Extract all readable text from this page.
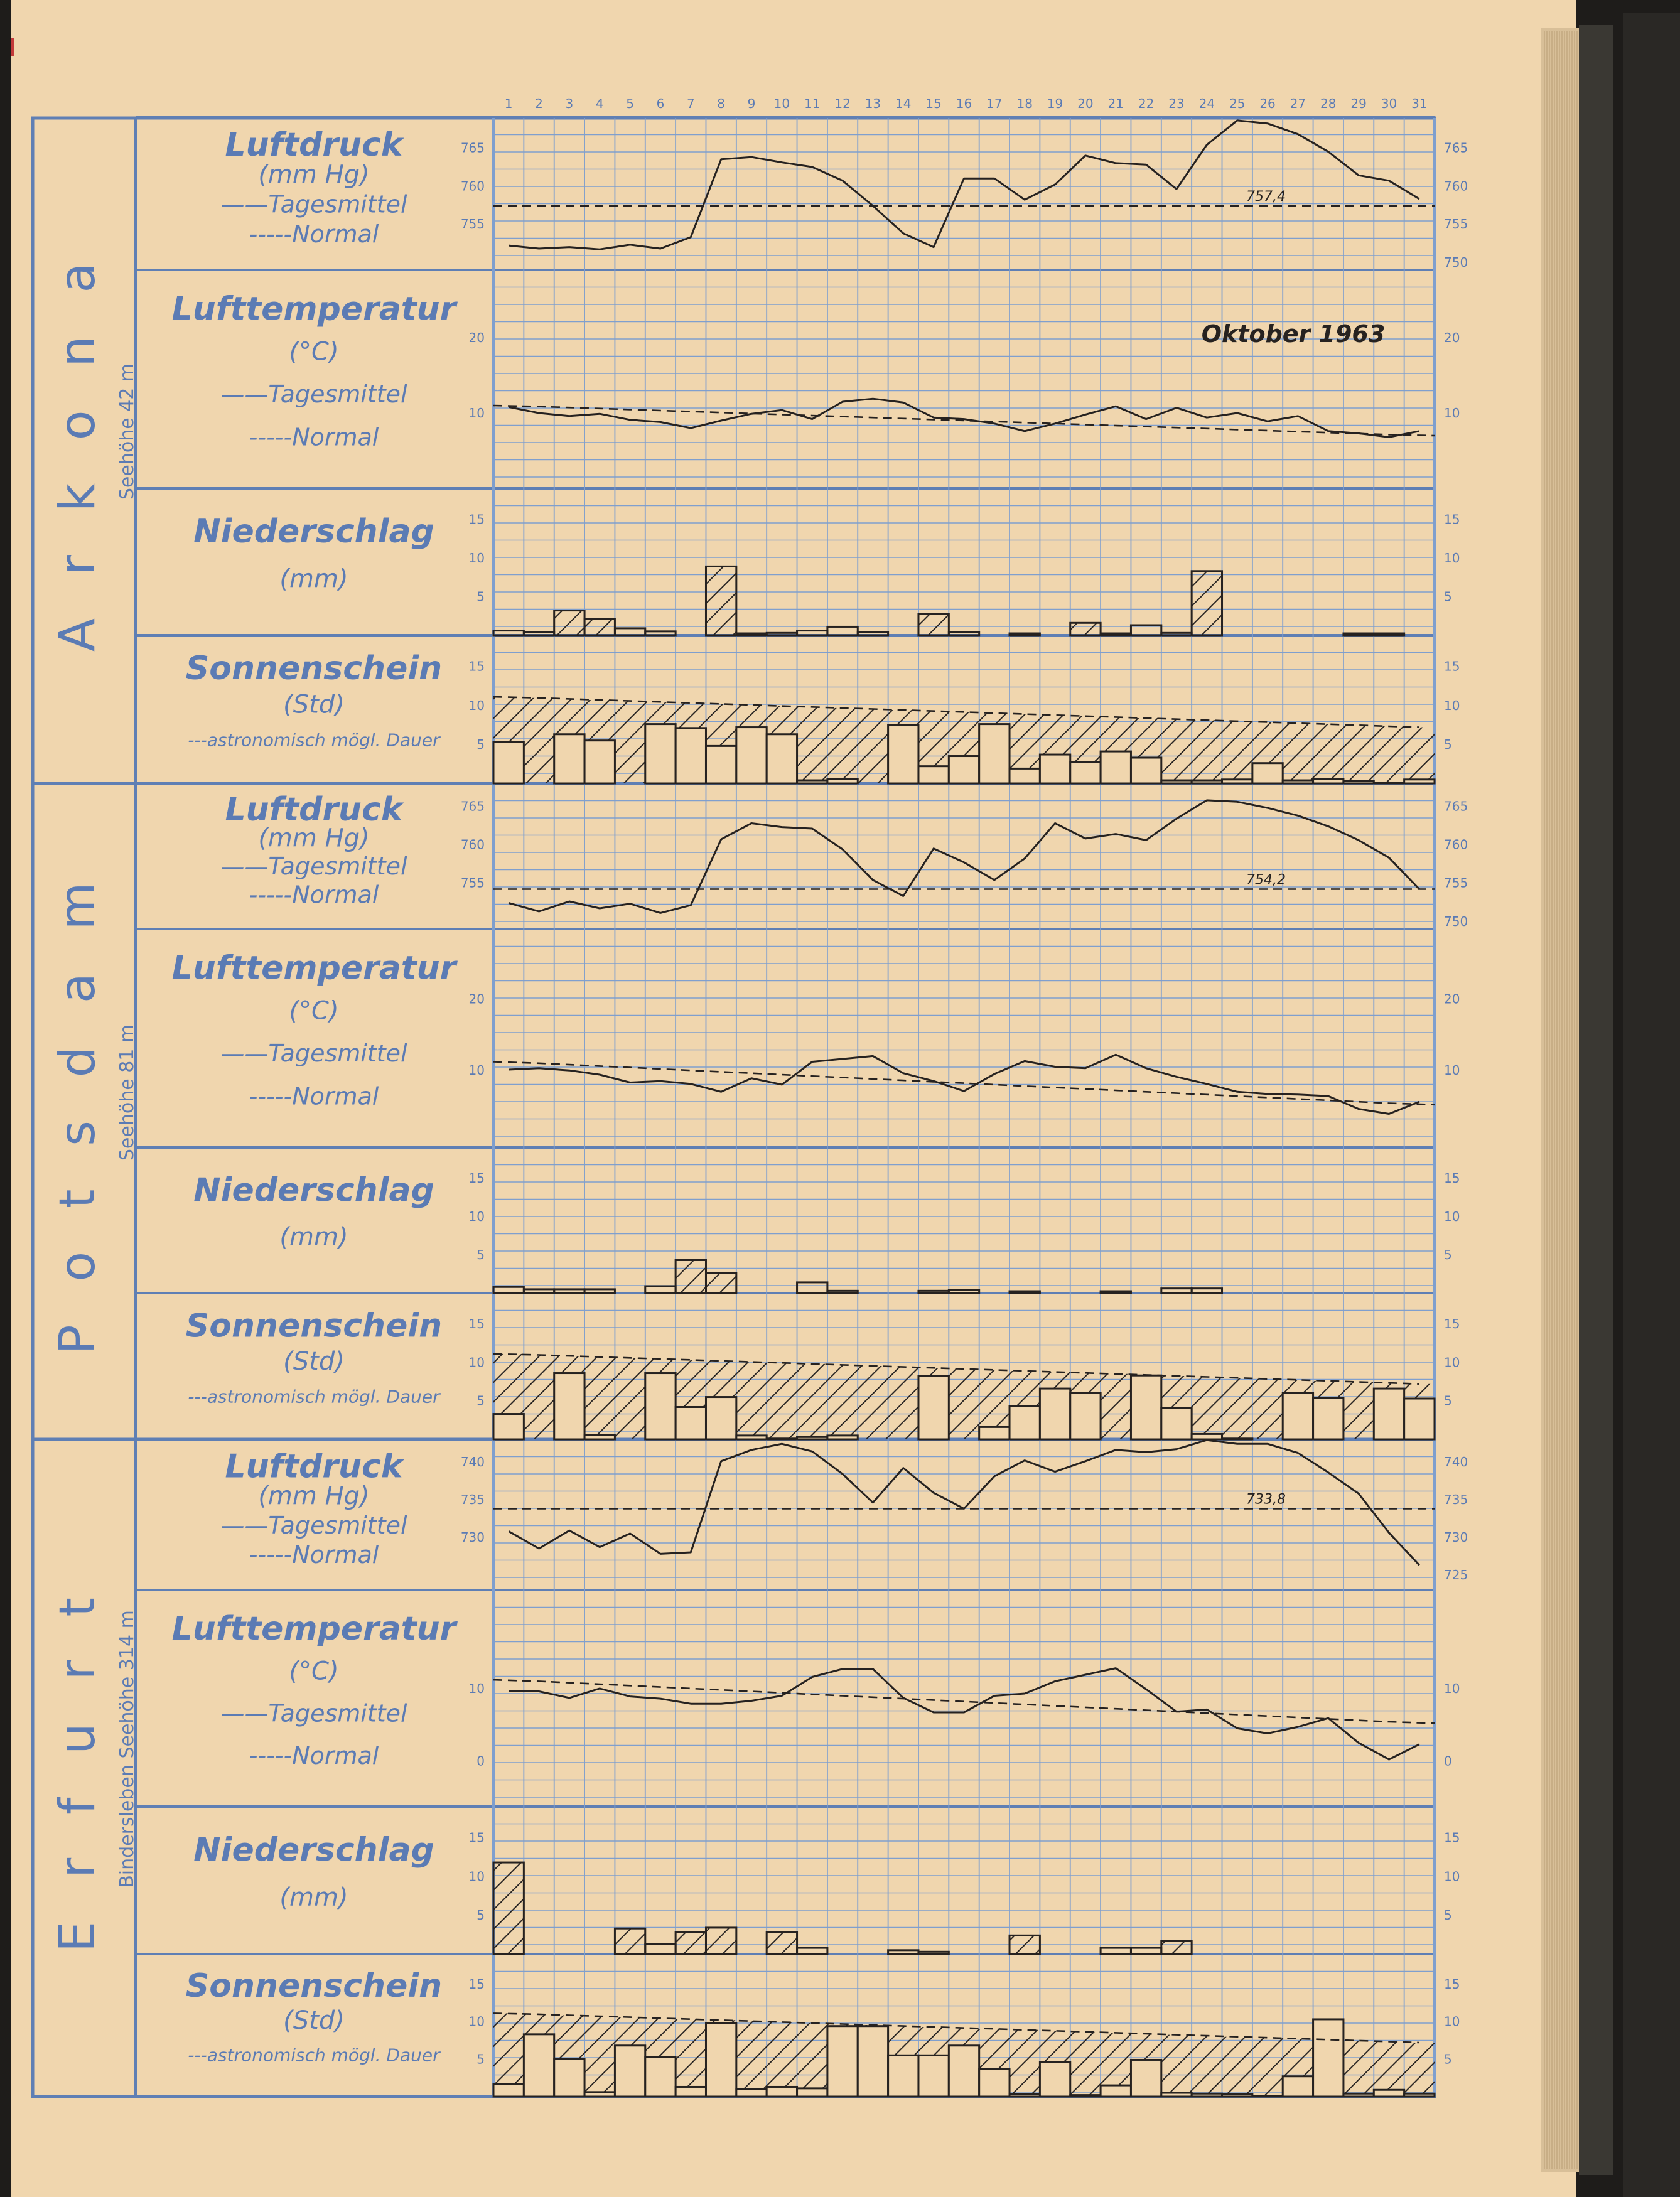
1 2 3 4 5 6 7 8 9 10 11 12 13 14 15 16 17 18 19 20 21 22 23 24 25 26 27 28 29 30 31
A r k o n a Seehöhe 42 m
Luftdruck
(mm Hg)
——Tagesmittel
-----Normal
Lufttemperatur
(°C)
——Tagesmittel
-----Normal
Niederschlag
(mm)
Sonnenschein
(Std)
---astronomisch mögl. Dauer
P o t s d a m Seehöhe 81 m
Luftdruck
(mm Hg)
——Tagesmittel
-----Normal
Lufttemperatur
(°C)
——Tagesmittel
-----Normal
Niederschlag
(mm)
Sonnenschein
(Std)
---astronomisch mögl. Dauer
E r f u r t Bindersleben Seehöhe 314 m
Luftdruck
(mm Hg)
——Tagesmittel
-----Normal
Lufttemperatur
(°C)
——Tagesmittel
-----Normal
Niederschlag
(mm)
Sonnenschein
(Std)
---astronomisch mögl. Dauer
Oktober 1963
765
760
755
765
760
755
750
757,4
20
10
20
10
15
10
5
15
10
5
15
10
5
15
10
5
765
760
755
765
760
755
750
754,2
20
10
20
10
15
10
5
15
10
5
15
10
5
15
10
5
740
735
730
740
735
730
725
733,8
10
0
10
0
15
10
5
15
10
5
15
10
5
15
10
5
